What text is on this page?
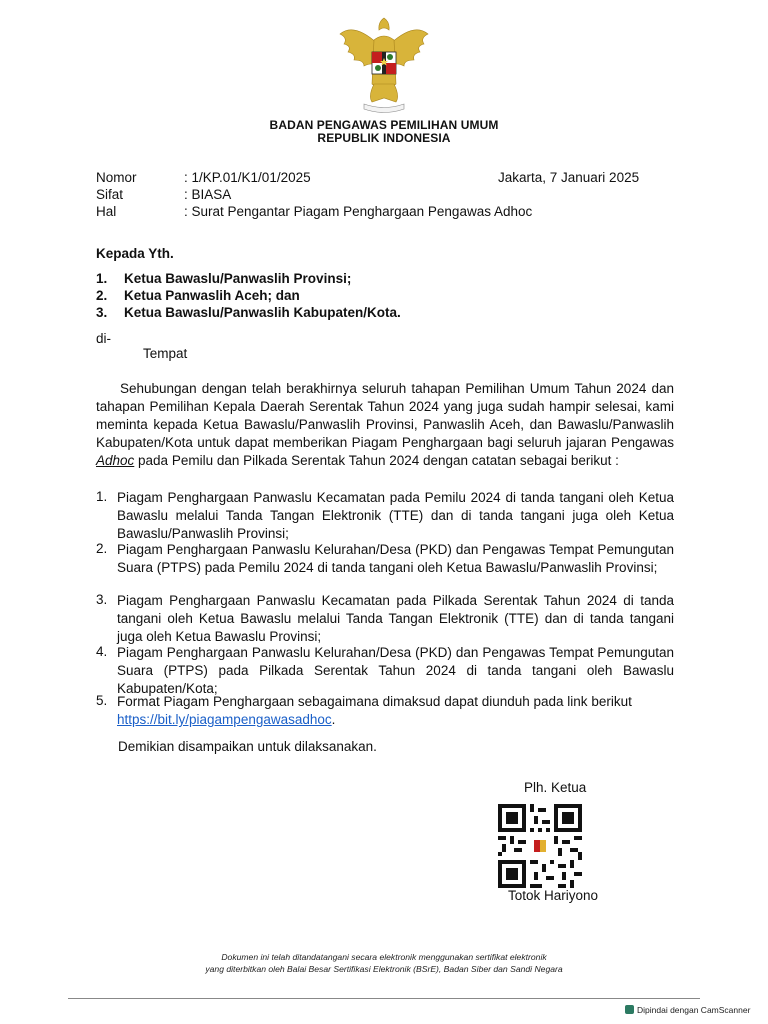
BADAN PENGAWAS PEMILIHAN UMUM
REPUBLIK INDONESIA
Nomor	: 1/KP.01/K1/01/2025	Jakarta, 7 Januari 2025
Sifat	: BIASA
Hal	: Surat Pengantar Piagam Penghargaan Pengawas Adhoc
Kepada Yth.
1. Ketua Bawaslu/Panwaslih Provinsi;
2. Ketua Panwaslih Aceh; dan
3. Ketua Bawaslu/Panwaslih Kabupaten/Kota.
di-
Tempat
Sehubungan dengan telah berakhirnya seluruh tahapan Pemilihan Umum Tahun 2024 dan tahapan Pemilihan Kepala Daerah Serentak Tahun 2024 yang juga sudah hampir selesai, kami meminta kepada Ketua Bawaslu/Panwaslih Provinsi, Panwaslih Aceh, dan Bawaslu/Panwaslih Kabupaten/Kota untuk dapat memberikan Piagam Penghargaan bagi seluruh jajaran Pengawas Adhoc pada Pemilu dan Pilkada Serentak Tahun 2024 dengan catatan sebagai berikut :
1. Piagam Penghargaan Panwaslu Kecamatan pada Pemilu 2024 di tanda tangani oleh Ketua Bawaslu melalui Tanda Tangan Elektronik (TTE) dan di tanda tangani juga oleh Ketua Bawaslu/Panwaslih Provinsi;
2. Piagam Penghargaan Panwaslu Kelurahan/Desa (PKD) dan Pengawas Tempat Pemungutan Suara (PTPS) pada Pemilu 2024 di tanda tangani oleh Ketua Bawaslu/Panwaslih Provinsi;
3. Piagam Penghargaan Panwaslu Kecamatan pada Pilkada Serentak Tahun 2024 di tanda tangani oleh Ketua Bawaslu melalui Tanda Tangan Elektronik (TTE) dan di tanda tangani juga oleh Ketua Bawaslu Provinsi;
4. Piagam Penghargaan Panwaslu Kelurahan/Desa (PKD) dan Pengawas Tempat Pemungutan Suara (PTPS) pada Pilkada Serentak Tahun 2024 di tanda tangani oleh Bawaslu Kabupaten/Kota;
5. Format Piagam Penghargaan sebagaimana dimaksud dapat diunduh pada link berikut
https://bit.ly/piagampengawasadhoc.
Demikian disampaikan untuk dilaksanakan.
Plh. Ketua
Totok Hariyono
Dokumen ini telah ditandatangani secara elektronik menggunakan sertifikat elektronik
yang diterbitkan oleh Balai Besar Sertifikasi Elektronik (BSrE), Badan Siber dan Sandi Negara
Dipindai dengan CamScanner
